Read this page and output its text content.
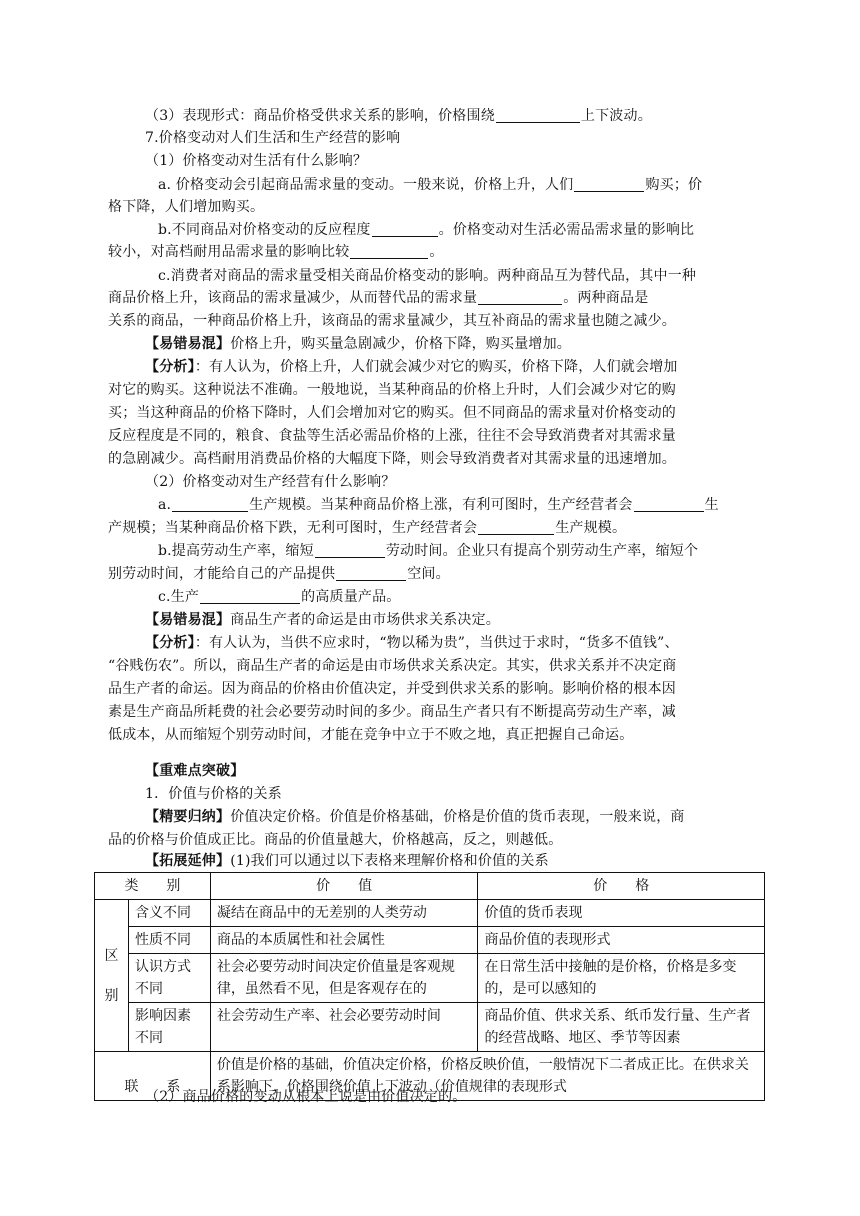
（3）表现形式：商品价格受供求关系的影响，价格围绕	上下波动。
7.价格变动对人们生活和生产经营的影响
（1）价格变动对生活有什么影响？
a. 价格变动会引起商品需求量的变动。一般来说，价格上升，人们	购买；价
格下降，人们增加购买。
b.不同商品对价格变动的反应程度	。价格变动对生活必需品需求量的影响比
较小，对高档耐用品需求量的影响比较	。
c.消费者对商品的需求量受相关商品价格变动的影响。两种商品互为替代品，其中一种
商品价格上升，该商品的需求量减少，从而替代品的需求量	。两种商品是
关系的商品，一种商品价格上升，该商品的需求量减少，其互补商品的需求量也随之减少。
【易错易混】价格上升，购买量急剧减少，价格下降，购买量增加。
【分析】：有人认为，价格上升，人们就会减少对它的购买，价格下降，人们就会增加
对它的购买。这种说法不准确。一般地说，当某种商品的价格上升时，人们会减少对它的购
买；当这种商品的价格下降时，人们会增加对它的购买。但不同商品的需求量对价格变动的
反应程度是不同的，粮食、食盐等生活必需品价格的上涨，往往不会导致消费者对其需求量
的急剧减少。高档耐用消费品价格的大幅度下降，则会导致消费者对其需求量的迅速增加。
（2）价格变动对生产经营有什么影响？
a.	生产规模。当某种商品价格上涨，有利可图时，生产经营者会	生
产规模；当某种商品价格下跌，无利可图时，生产经营者会	生产规模。
b.提高劳动生产率，缩短	劳动时间。企业只有提高个别劳动生产率，缩短个
别劳动时间，才能给自己的产品提供	空间。
c.生产	的高质量产品。
【易错易混】商品生产者的命运是由市场供求关系决定。
【分析】：有人认为，当供不应求时，“物以稀为贵”，当供过于求时，“货多不值钱”、
“谷贱伤农”。所以，商品生产者的命运是由市场供求关系决定。其实，供求关系并不决定商
品生产者的命运。因为商品的价格由价值决定，并受到供求关系的影响。影响价格的根本因
素是生产商品所耗费的社会必要劳动时间的多少。商品生产者只有不断提高劳动生产率，减
低成本，从而缩短个别劳动时间，才能在竞争中立于不败之地，真正把握自己命运。
【重难点突破】
1．价值与价格的关系
【精要归纳】价值决定价格。价值是价格基础，价格是价值的货币表现，一般来说，商
品的价格与价值成正比。商品的价值量越大，价格越高，反之，则越低。
【拓展延伸】(1)我们可以通过以下表格来理解价格和价值的关系
类　　别		价　　值	价　　格

区
别	含义不同	凝结在商品中的无差别的人类劳动	价值的货币表现
	性质不同	商品的本质属性和社会属性	商品价值的表现形式
	认识方式不同	社会必要劳动时间决定价值量是客观规律，虽然看不见，但是客观存在的	在日常生活中接触的是价格，价格是多变的，是可以感知的
	影响因素不同	社会劳动生产率、社会必要劳动时间	商品价值、供求关系、纸币发行量、生产者的经营战略、地区、季节等因素
联　　系		价值是价格的基础，价值决定价格，价格反映价值，一般情况下二者成正比。在供求关系影响下，价格围绕价值上下波动（价值规律的表现形式	
（2）商品价格的变动从根本上说是由价值决定的。
